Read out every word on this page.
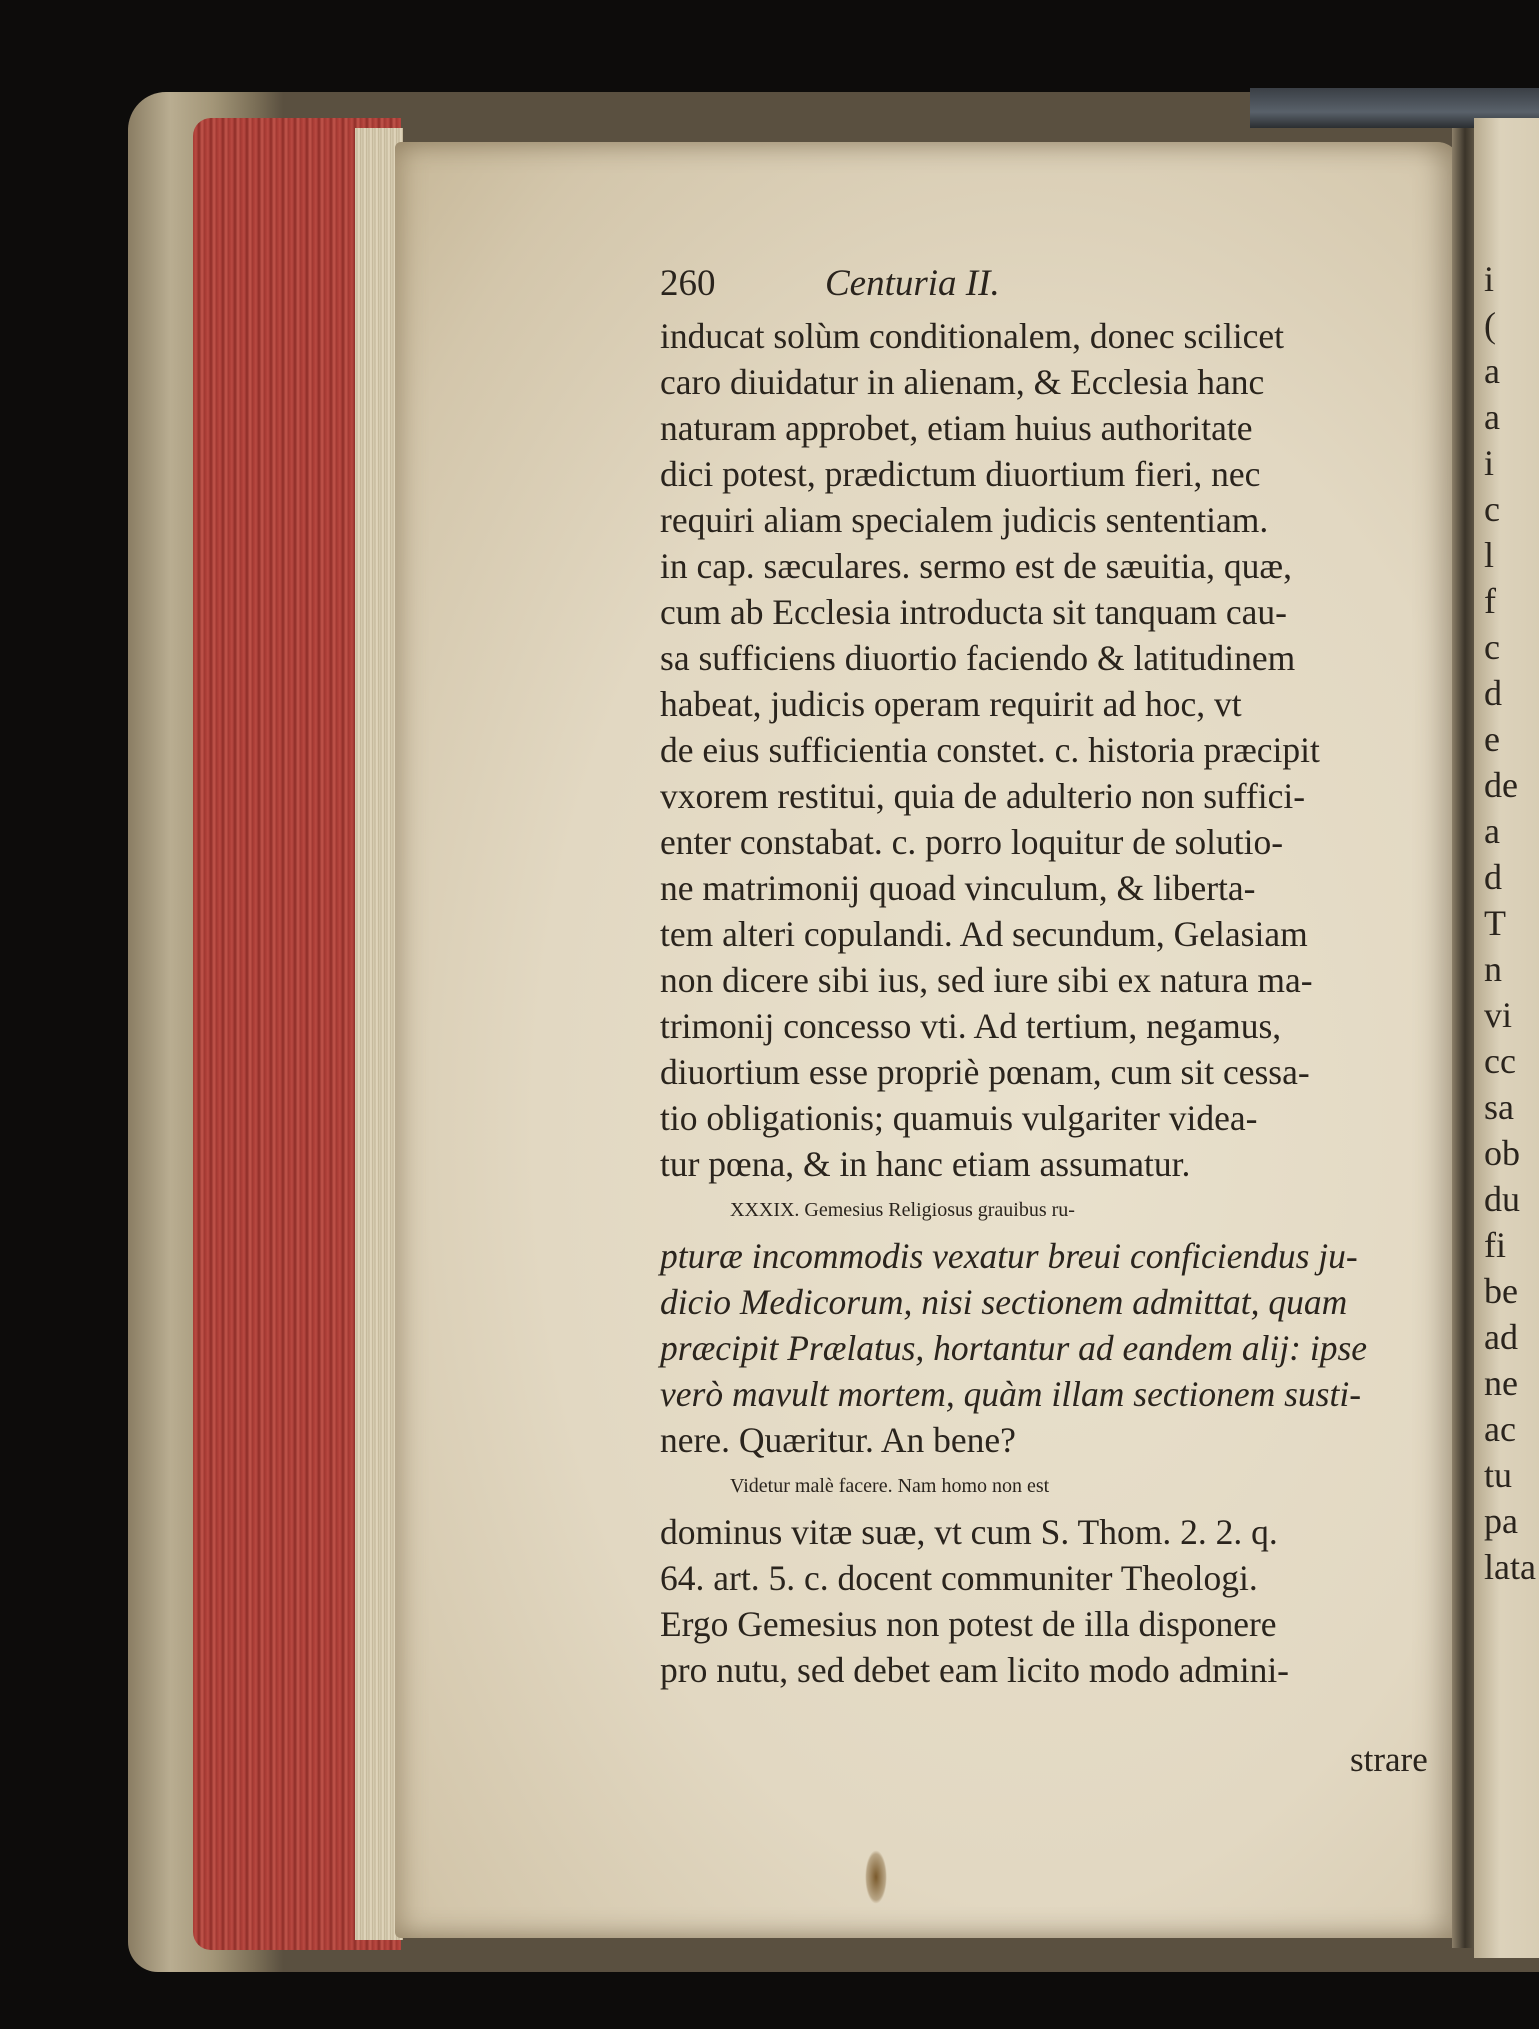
i
(
a
a
i
c
l
f
c
d
e
de
a
d
T
n
vi
cc
sa
ob
du
fi
be
ad
ne
ac
tu
pa
lata
260	Centuria II.
inducat solùm conditionalem, donec scilicet
caro diuidatur in alienam, & Ecclesia hanc
naturam approbet, etiam huius authoritate
dici potest, prædictum diuortium fieri, nec
requiri aliam specialem judicis sententiam.
in cap. sæculares. sermo est de sæuitia, quæ,
cum ab Ecclesia introducta sit tanquam cau-
sa sufficiens diuortio faciendo & latitudinem
habeat, judicis operam requirit ad hoc, vt
de eius sufficientia constet. c. historia præcipit
vxorem restitui, quia de adulterio non suffici-
enter constabat. c. porro loquitur de solutio-
ne matrimonij quoad vinculum, & liberta-
tem alteri copulandi. Ad secundum, Gelasiam
non dicere sibi ius, sed iure sibi ex natura ma-
trimonij concesso vti. Ad tertium, negamus,
diuortium esse propriè pœnam, cum sit cessa-
tio obligationis; quamuis vulgariter videa-
tur pœna, & in hanc etiam assumatur.
XXXIX. Gemesius Religiosus grauibus ru-
pturæ incommodis vexatur breui conficiendus ju-
dicio Medicorum, nisi sectionem admittat, quam
præcipit Prælatus, hortantur ad eandem alij: ipse
verò mavult mortem, quàm illam sectionem susti-
nere. Quæritur. An bene?
Videtur malè facere. Nam homo non est
dominus vitæ suæ, vt cum S. Thom. 2. 2. q.
64. art. 5. c. docent communiter Theologi.
Ergo Gemesius non potest de illa disponere
pro nutu, sed debet eam licito modo admini-
strare
